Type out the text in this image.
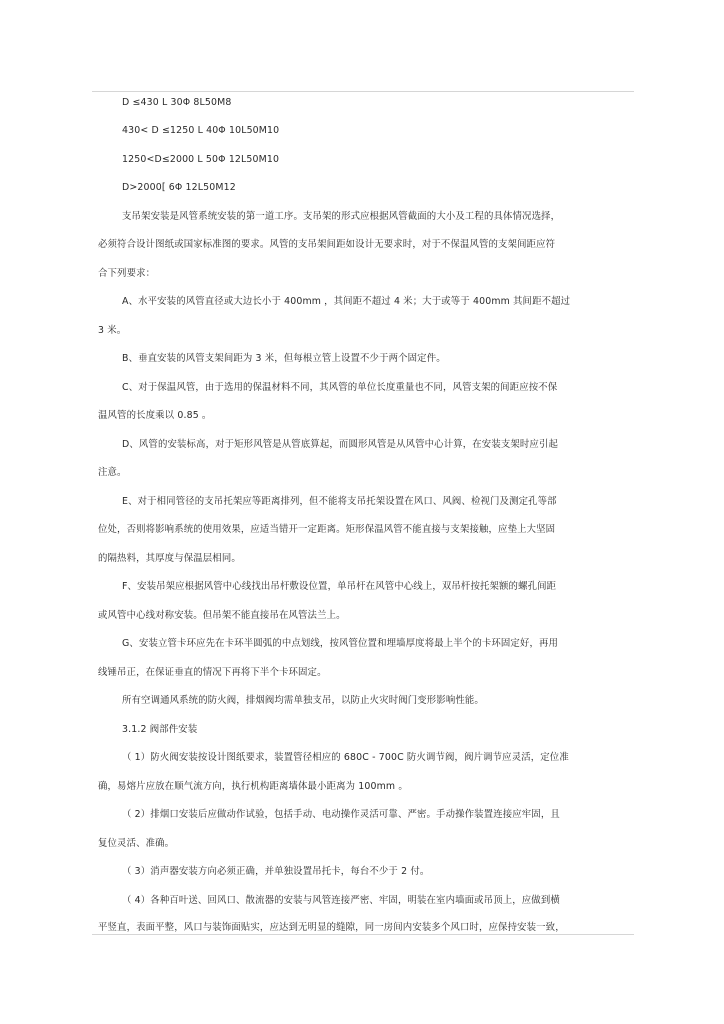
D ≤430 L 30Φ 8L50M8
430< D ≤1250 L 40Φ 10L50M10
1250<D≤2000 L 50Φ 12L50M10
D>2000[ 6Φ 12L50M12
支吊架安装是风管系统安装的第一道工序。支吊架的形式应根据风管截面的大小及工程的具体情况选择，
必须符合设计图纸或国家标准图的要求。风管的支吊架间距如设计无要求时，对于不保温风管的支架间距应符
合下列要求：
A、水平安装的风管直径或大边长小于 400mm ，其间距不超过 4 米；大于或等于 400mm 其间距不超过
3 米。
B、垂直安装的风管支架间距为 3 米，但每根立管上设置不少于两个固定件。
C、对于保温风管，由于选用的保温材料不同，其风管的单位长度重量也不同，风管支架的间距应按不保
温风管的长度乘以 0.85 。
D、风管的安装标高，对于矩形风管是从管底算起，而圆形风管是从风管中心计算，在安装支架时应引起
注意。
E、对于相同管径的支吊托架应等距离排列，但不能将支吊托架设置在风口、风阀、检视门及测定孔等部
位处，否则将影响系统的使用效果，应适当错开一定距离。矩形保温风管不能直接与支架接触，应垫上大坚固
的隔热料，其厚度与保温层相同。
F、安装吊架应根据风管中心线找出吊杆敷设位置，单吊杆在风管中心线上，双吊杆按托架额的螺孔间距
或风管中心线对称安装。但吊架不能直接吊在风管法兰上。
G、安装立管卡环应先在卡环半圆弧的中点划线，按风管位置和埋墙厚度将最上半个的卡环固定好，再用
线锤吊正，在保证垂直的情况下再将下半个卡环固定。
所有空调通风系统的防火阀，排烟阀均需单独支吊，以防止火灾时阀门变形影响性能。
3.1.2 阀部件安装
（ 1）防火阀安装按设计图纸要求，装置管径相应的 680C - 700C 防火调节阀，阀片调节应灵活，定位准
确，易熔片应放在顺气流方向，执行机构距离墙体最小距离为 100mm 。
（ 2）排烟口安装后应做动作试验，包括手动、电动操作灵活可靠、严密。手动操作装置连接应牢固，且
复位灵活、准确。
（ 3）消声器安装方向必须正确，并单独设置吊托卡，每台不少于 2 付。
（ 4）各种百叶送、回风口、散流器的安装与风管连接严密、牢固，明装在室内墙面或吊顶上，应做到横
平竖直，表面平整，风口与装饰面贴实，应达到无明显的缝隙，同一房间内安装多个风口时，应保持安装一致，
